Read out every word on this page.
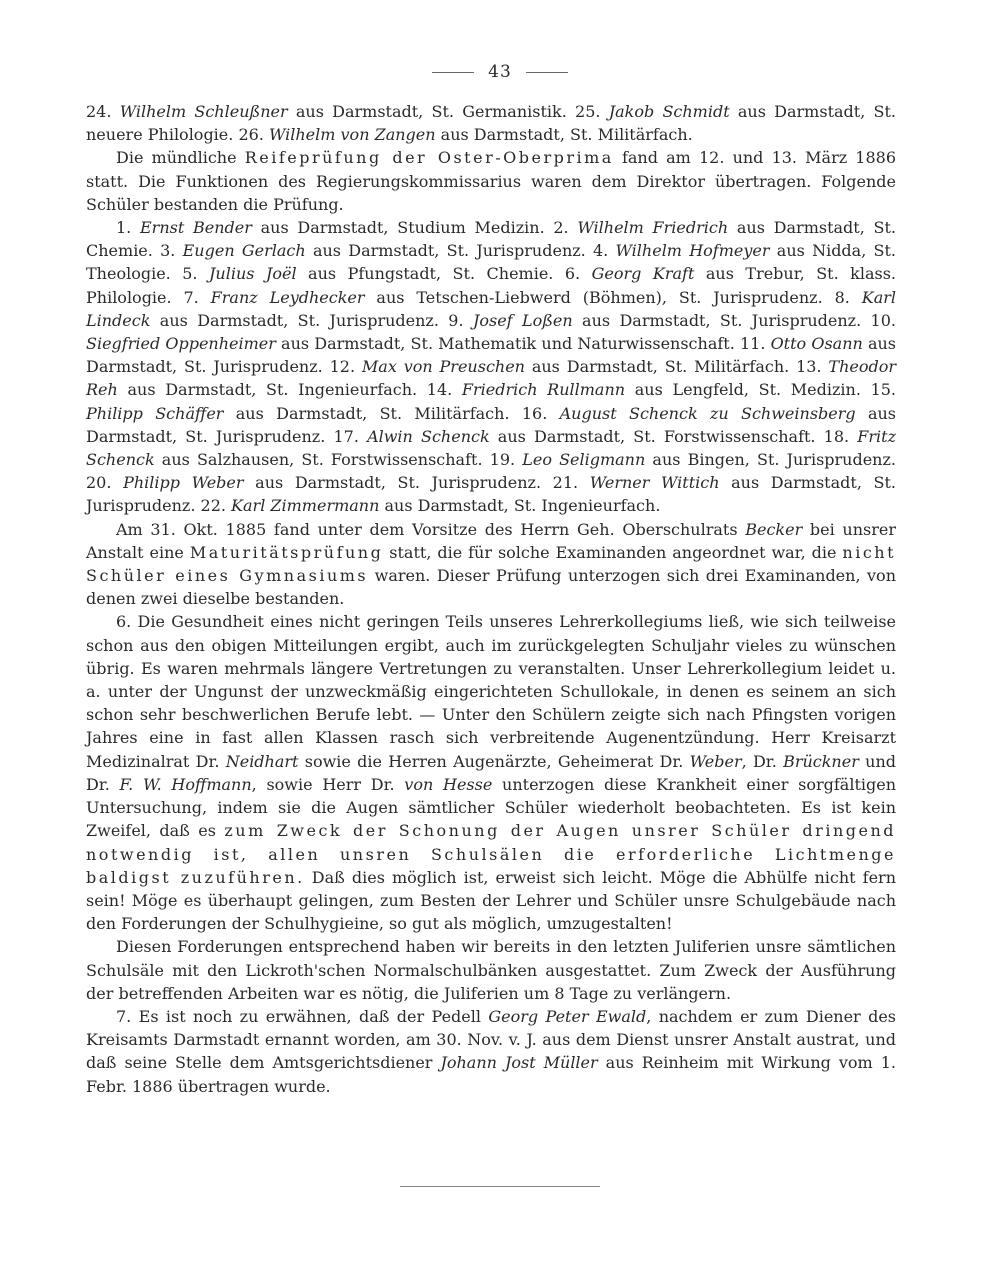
43

24. Wilhelm Schleußner aus Darmstadt, St. Germanistik. 25. Jakob Schmidt aus Darmstadt, St. neuere Philologie. 26. Wilhelm von Zangen aus Darmstadt, St. Militärfach.

Die mündliche Reifeprüfung der Oster-Oberprima fand am 12. und 13. März 1886 statt. Die Funktionen des Regierungskommissarius waren dem Direktor übertragen. Folgende Schüler bestanden die Prüfung.

1. Ernst Bender aus Darmstadt, Studium Medizin. 2. Wilhelm Friedrich aus Darmstadt, St. Chemie. 3. Eugen Gerlach aus Darmstadt, St. Jurisprudenz. 4. Wilhelm Hofmeyer aus Nidda, St. Theologie. 5. Julius Joël aus Pfungstadt, St. Chemie. 6. Georg Kraft aus Trebur, St. klass. Philologie. 7. Franz Leydhecker aus Tetschen-Liebwerd (Böhmen), St. Jurisprudenz. 8. Karl Lindeck aus Darmstadt, St. Jurisprudenz. 9. Josef Loßen aus Darmstadt, St. Jurisprudenz. 10. Siegfried Oppenheimer aus Darmstadt, St. Mathematik und Naturwissenschaft. 11. Otto Osann aus Darmstadt, St. Jurisprudenz. 12. Max von Preuschen aus Darmstadt, St. Militärfach. 13. Theodor Reh aus Darmstadt, St. Ingenieurfach. 14. Friedrich Rullmann aus Lengfeld, St. Medizin. 15. Philipp Schäffer aus Darmstadt, St. Militärfach. 16. August Schenck zu Schweinsberg aus Darmstadt, St. Jurisprudenz. 17. Alwin Schenck aus Darmstadt, St. Forstwissenschaft. 18. Fritz Schenck aus Salzhausen, St. Forstwissenschaft. 19. Leo Seligmann aus Bingen, St. Jurisprudenz. 20. Philipp Weber aus Darmstadt, St. Jurisprudenz. 21. Werner Wittich aus Darmstadt, St. Jurisprudenz. 22. Karl Zimmermann aus Darmstadt, St. Ingenieurfach.

Am 31. Okt. 1885 fand unter dem Vorsitze des Herrn Geh. Oberschulrats Becker bei unsrer Anstalt eine Maturitätsprüfung statt, die für solche Examinanden angeordnet war, die nicht Schüler eines Gymnasiums waren. Dieser Prüfung unterzogen sich drei Examinanden, von denen zwei dieselbe bestanden.

6. Die Gesundheit eines nicht geringen Teils unseres Lehrerkollegiums ließ, wie sich teilweise schon aus den obigen Mitteilungen ergibt, auch im zurückgelegten Schuljahr vieles zu wünschen übrig. Es waren mehrmals längere Vertretungen zu veranstalten. Unser Lehrerkollegium leidet u. a. unter der Ungunst der unzweckmäßig eingerichteten Schullokale, in denen es seinem an sich schon sehr beschwerlichen Berufe lebt. — Unter den Schülern zeigte sich nach Pfingsten vorigen Jahres eine in fast allen Klassen rasch sich verbreitende Augenentzündung. Herr Kreisarzt Medizinalrat Dr. Neidhart sowie die Herren Augenärzte, Geheimerat Dr. Weber, Dr. Brückner und Dr. F. W. Hoffmann, sowie Herr Dr. von Hesse unterzogen diese Krankheit einer sorgfältigen Untersuchung, indem sie die Augen sämtlicher Schüler wiederholt beobachteten. Es ist kein Zweifel, daß es zum Zweck der Schonung der Augen unsrer Schüler dringend notwendig ist, allen unsren Schulsälen die erforderliche Lichtmenge baldigst zuzuführen. Daß dies möglich ist, erweist sich leicht. Möge die Abhülfe nicht fern sein! Möge es überhaupt gelingen, zum Besten der Lehrer und Schüler unsre Schulgebäude nach den Forderungen der Schulhygieine, so gut als möglich, umzugestalten!

Diesen Forderungen entsprechend haben wir bereits in den letzten Juliferien unsre sämtlichen Schulsäle mit den Lickroth'schen Normalschulbänken ausgestattet. Zum Zweck der Ausführung der betreffenden Arbeiten war es nötig, die Juliferien um 8 Tage zu verlängern.

7. Es ist noch zu erwähnen, daß der Pedell Georg Peter Ewald, nachdem er zum Diener des Kreisamts Darmstadt ernannt worden, am 30. Nov. v. J. aus dem Dienst unsrer Anstalt austrat, und daß seine Stelle dem Amtsgerichtsdiener Johann Jost Müller aus Reinheim mit Wirkung vom 1. Febr. 1886 übertragen wurde.
